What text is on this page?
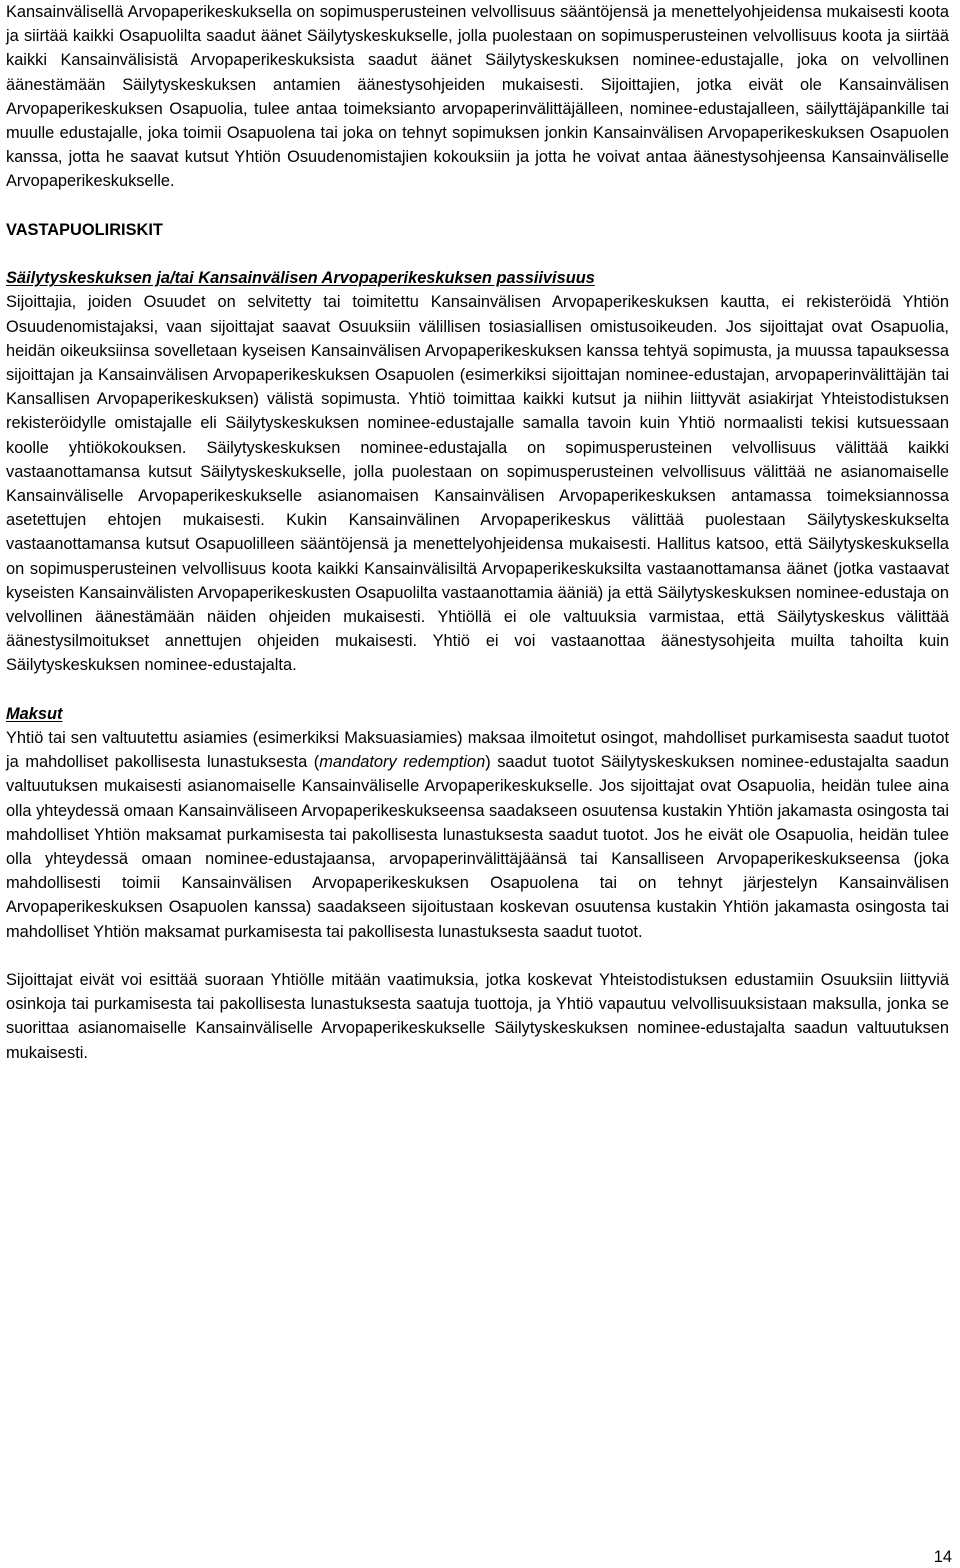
Kansainvälisellä Arvopaperikeskuksella on sopimusperusteinen velvollisuus sääntöjensä ja menettelyohjeidensa mukaisesti koota ja siirtää kaikki Osapuolilta saadut äänet Säilytyskeskukselle, jolla puolestaan on sopimusperusteinen velvollisuus koota ja siirtää kaikki Kansainvälisistä Arvopaperikeskuksista saadut äänet Säilytyskeskuksen nominee-edustajalle, joka on velvollinen äänestämään Säilytyskeskuksen antamien äänestysohjeiden mukaisesti. Sijoittajien, jotka eivät ole Kansainvälisen Arvopaperikeskuksen Osapuolia, tulee antaa toimeksianto arvopaperinvälittäjälleen, nominee-edustajalleen, säilyttäjäpankille tai muulle edustajalle, joka toimii Osapuolena tai joka on tehnyt sopimuksen jonkin Kansainvälisen Arvopaperikeskuksen Osapuolen kanssa, jotta he saavat kutsut Yhtiön Osuudenomistajien kokouksiin ja jotta he voivat antaa äänestysohjeensa Kansainväliselle Arvopaperikeskukselle.

VASTAPUOLIRISKIT

Säilytyskeskuksen ja/tai Kansainvälisen Arvopaperikeskuksen passiivisuus

Sijoittajia, joiden Osuudet on selvitetty tai toimitettu Kansainvälisen Arvopaperikeskuksen kautta, ei rekisteröidä Yhtiön Osuudenomistajaksi, vaan sijoittajat saavat Osuuksiin välillisen tosiasiallisen omistusoikeuden. Jos sijoittajat ovat Osapuolia, heidän oikeuksiinsa sovelletaan kyseisen Kansainvälisen Arvopaperikeskuksen kanssa tehtyä sopimusta, ja muussa tapauksessa sijoittajan ja Kansainvälisen Arvopaperikeskuksen Osapuolen (esimerkiksi sijoittajan nominee-edustajan, arvopaperinvälittäjän tai Kansallisen Arvopaperikeskuksen) välistä sopimusta. Yhtiö toimittaa kaikki kutsut ja niihin liittyvät asiakirjat Yhteistodistuksen rekisteröidylle omistajalle eli Säilytyskeskuksen nominee-edustajalle samalla tavoin kuin Yhtiö normaalisti tekisi kutsuessaan koolle yhtiökokouksen. Säilytyskeskuksen nominee-edustajalla on sopimusperusteinen velvollisuus välittää kaikki vastaanottamansa kutsut Säilytyskeskukselle, jolla puolestaan on sopimusperusteinen velvollisuus välittää ne asianomaiselle Kansainväliselle Arvopaperikeskukselle asianomaisen Kansainvälisen Arvopaperikeskuksen antamassa toimeksiannossa asetettujen ehtojen mukaisesti. Kukin Kansainvälinen Arvopaperikeskus välittää puolestaan Säilytyskeskukselta vastaanottamansa kutsut Osapuolilleen sääntöjensä ja menettelyohjeidensa mukaisesti. Hallitus katsoo, että Säilytyskeskuksella on sopimusperusteinen velvollisuus koota kaikki Kansainvälisiltä Arvopaperikeskuksilta vastaanottamansa äänet (jotka vastaavat kyseisten Kansainvälisten Arvopaperikeskusten Osapuolilta vastaanottamia ääniä) ja että Säilytyskeskuksen nominee-edustaja on velvollinen äänestämään näiden ohjeiden mukaisesti. Yhtiöllä ei ole valtuuksia varmistaa, että Säilytyskeskus välittää äänestysilmoitukset annettujen ohjeiden mukaisesti. Yhtiö ei voi vastaanottaa äänestysohjeita muilta tahoilta kuin Säilytyskeskuksen nominee-edustajalta.

Maksut

Yhtiö tai sen valtuutettu asiamies (esimerkiksi Maksuasiamies) maksaa ilmoitetut osingot, mahdolliset purkamisesta saadut tuotot ja mahdolliset pakollisesta lunastuksesta (mandatory redemption) saadut tuotot Säilytyskeskuksen nominee-edustajalta saadun valtuutuksen mukaisesti asianomaiselle Kansainväliselle Arvopaperikeskukselle. Jos sijoittajat ovat Osapuolia, heidän tulee aina olla yhteydessä omaan Kansainväliseen Arvopaperikeskukseensa saadakseen osuutensa kustakin Yhtiön jakamasta osingosta tai mahdolliset Yhtiön maksamat purkamisesta tai pakollisesta lunastuksesta saadut tuotot. Jos he eivät ole Osapuolia, heidän tulee olla yhteydessä omaan nominee-edustajaansa, arvopaperinvälittäjäänsä tai Kansalliseen Arvopaperikeskukseensa (joka mahdollisesti toimii Kansainvälisen Arvopaperikeskuksen Osapuolena tai on tehnyt järjestelyn Kansainvälisen Arvopaperikeskuksen Osapuolen kanssa) saadakseen sijoitustaan koskevan osuutensa kustakin Yhtiön jakamasta osingosta tai mahdolliset Yhtiön maksamat purkamisesta tai pakollisesta lunastuksesta saadut tuotot.

Sijoittajat eivät voi esittää suoraan Yhtiölle mitään vaatimuksia, jotka koskevat Yhteistodistuksen edustamiin Osuuksiin liittyviä osinkoja tai purkamisesta tai pakollisesta lunastuksesta saatuja tuottoja, ja Yhtiö vapautuu velvollisuuksistaan maksulla, jonka se suorittaa asianomaiselle Kansainväliselle Arvopaperikeskukselle Säilytyskeskuksen nominee-edustajalta saadun valtuutuksen mukaisesti.

14
